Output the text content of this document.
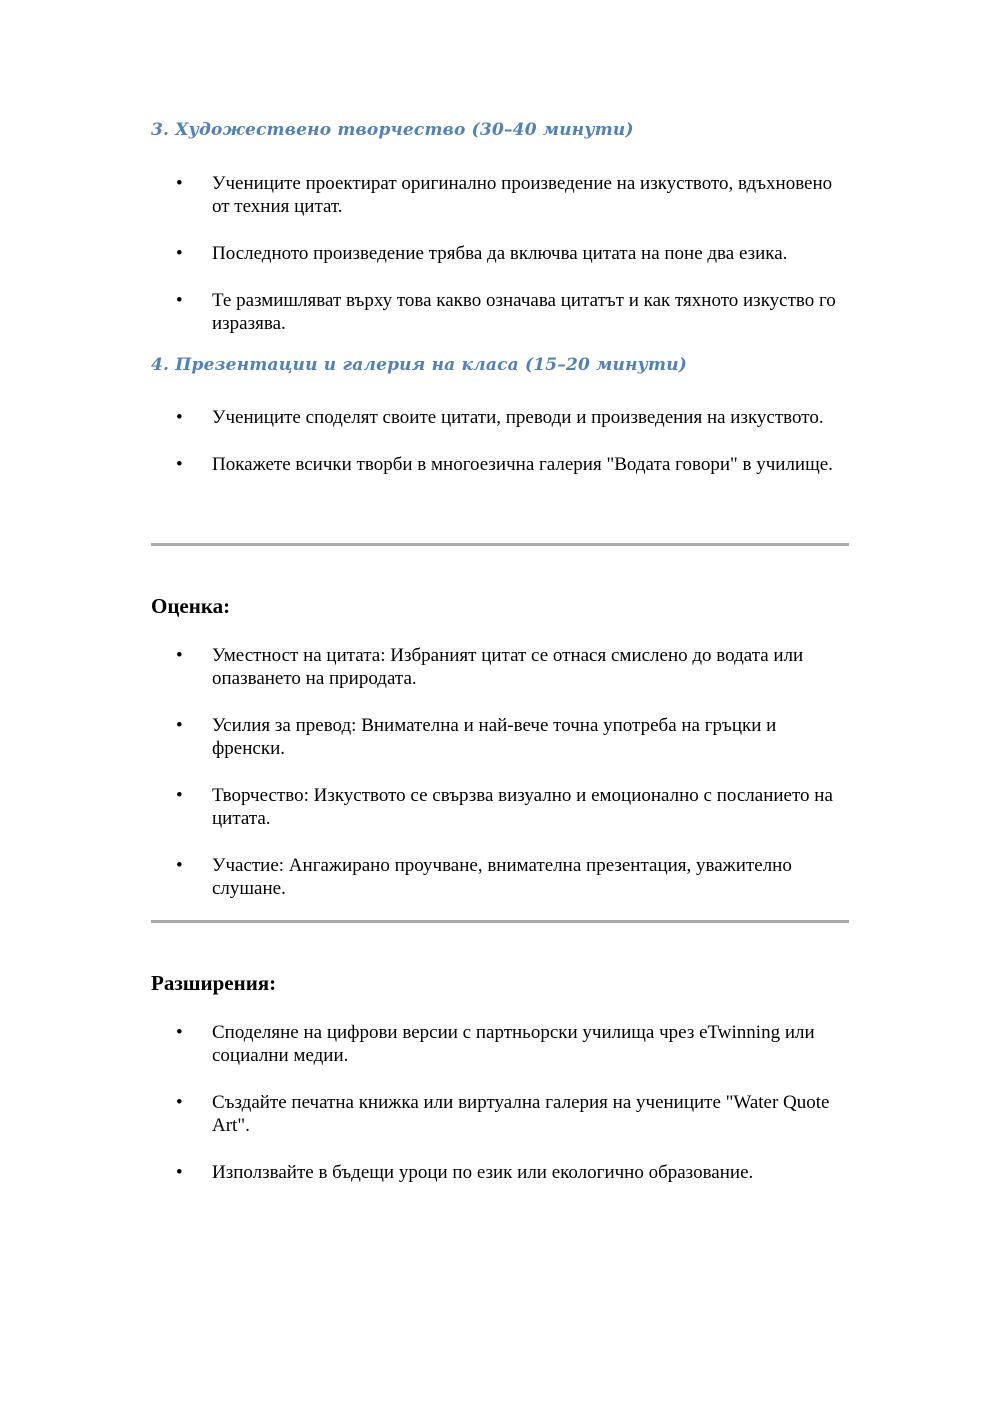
3. Художествено творчество (30–40 минути)
• Учениците проектират оригинално произведение на изкуството, вдъхновено от техния цитат.
• Последното произведение трябва да включва цитата на поне два езика.
• Те размишляват върху това какво означава цитатът и как тяхното изкуство го изразява.
4. Презентации и галерия на класа (15–20 минути)
• Учениците споделят своите цитати, преводи и произведения на изкуството.
• Покажете всички творби в многоезична галерия "Водата говори" в училище.
Оценка:
• Уместност на цитата: Избраният цитат се отнася смислено до водата или опазването на природата.
• Усилия за превод: Внимателна и най-вече точна употреба на гръцки и френски.
• Творчество: Изкуството се свързва визуално и емоционално с посланието на цитата.
• Участие: Ангажирано проучване, внимателна презентация, уважително слушане.
Разширения:
• Споделяне на цифрови версии с партньорски училища чрез eTwinning или социални медии.
• Създайте печатна книжка или виртуална галерия на учениците "Water Quote Art".
• Използвайте в бъдещи уроци по език или екологично образование.
